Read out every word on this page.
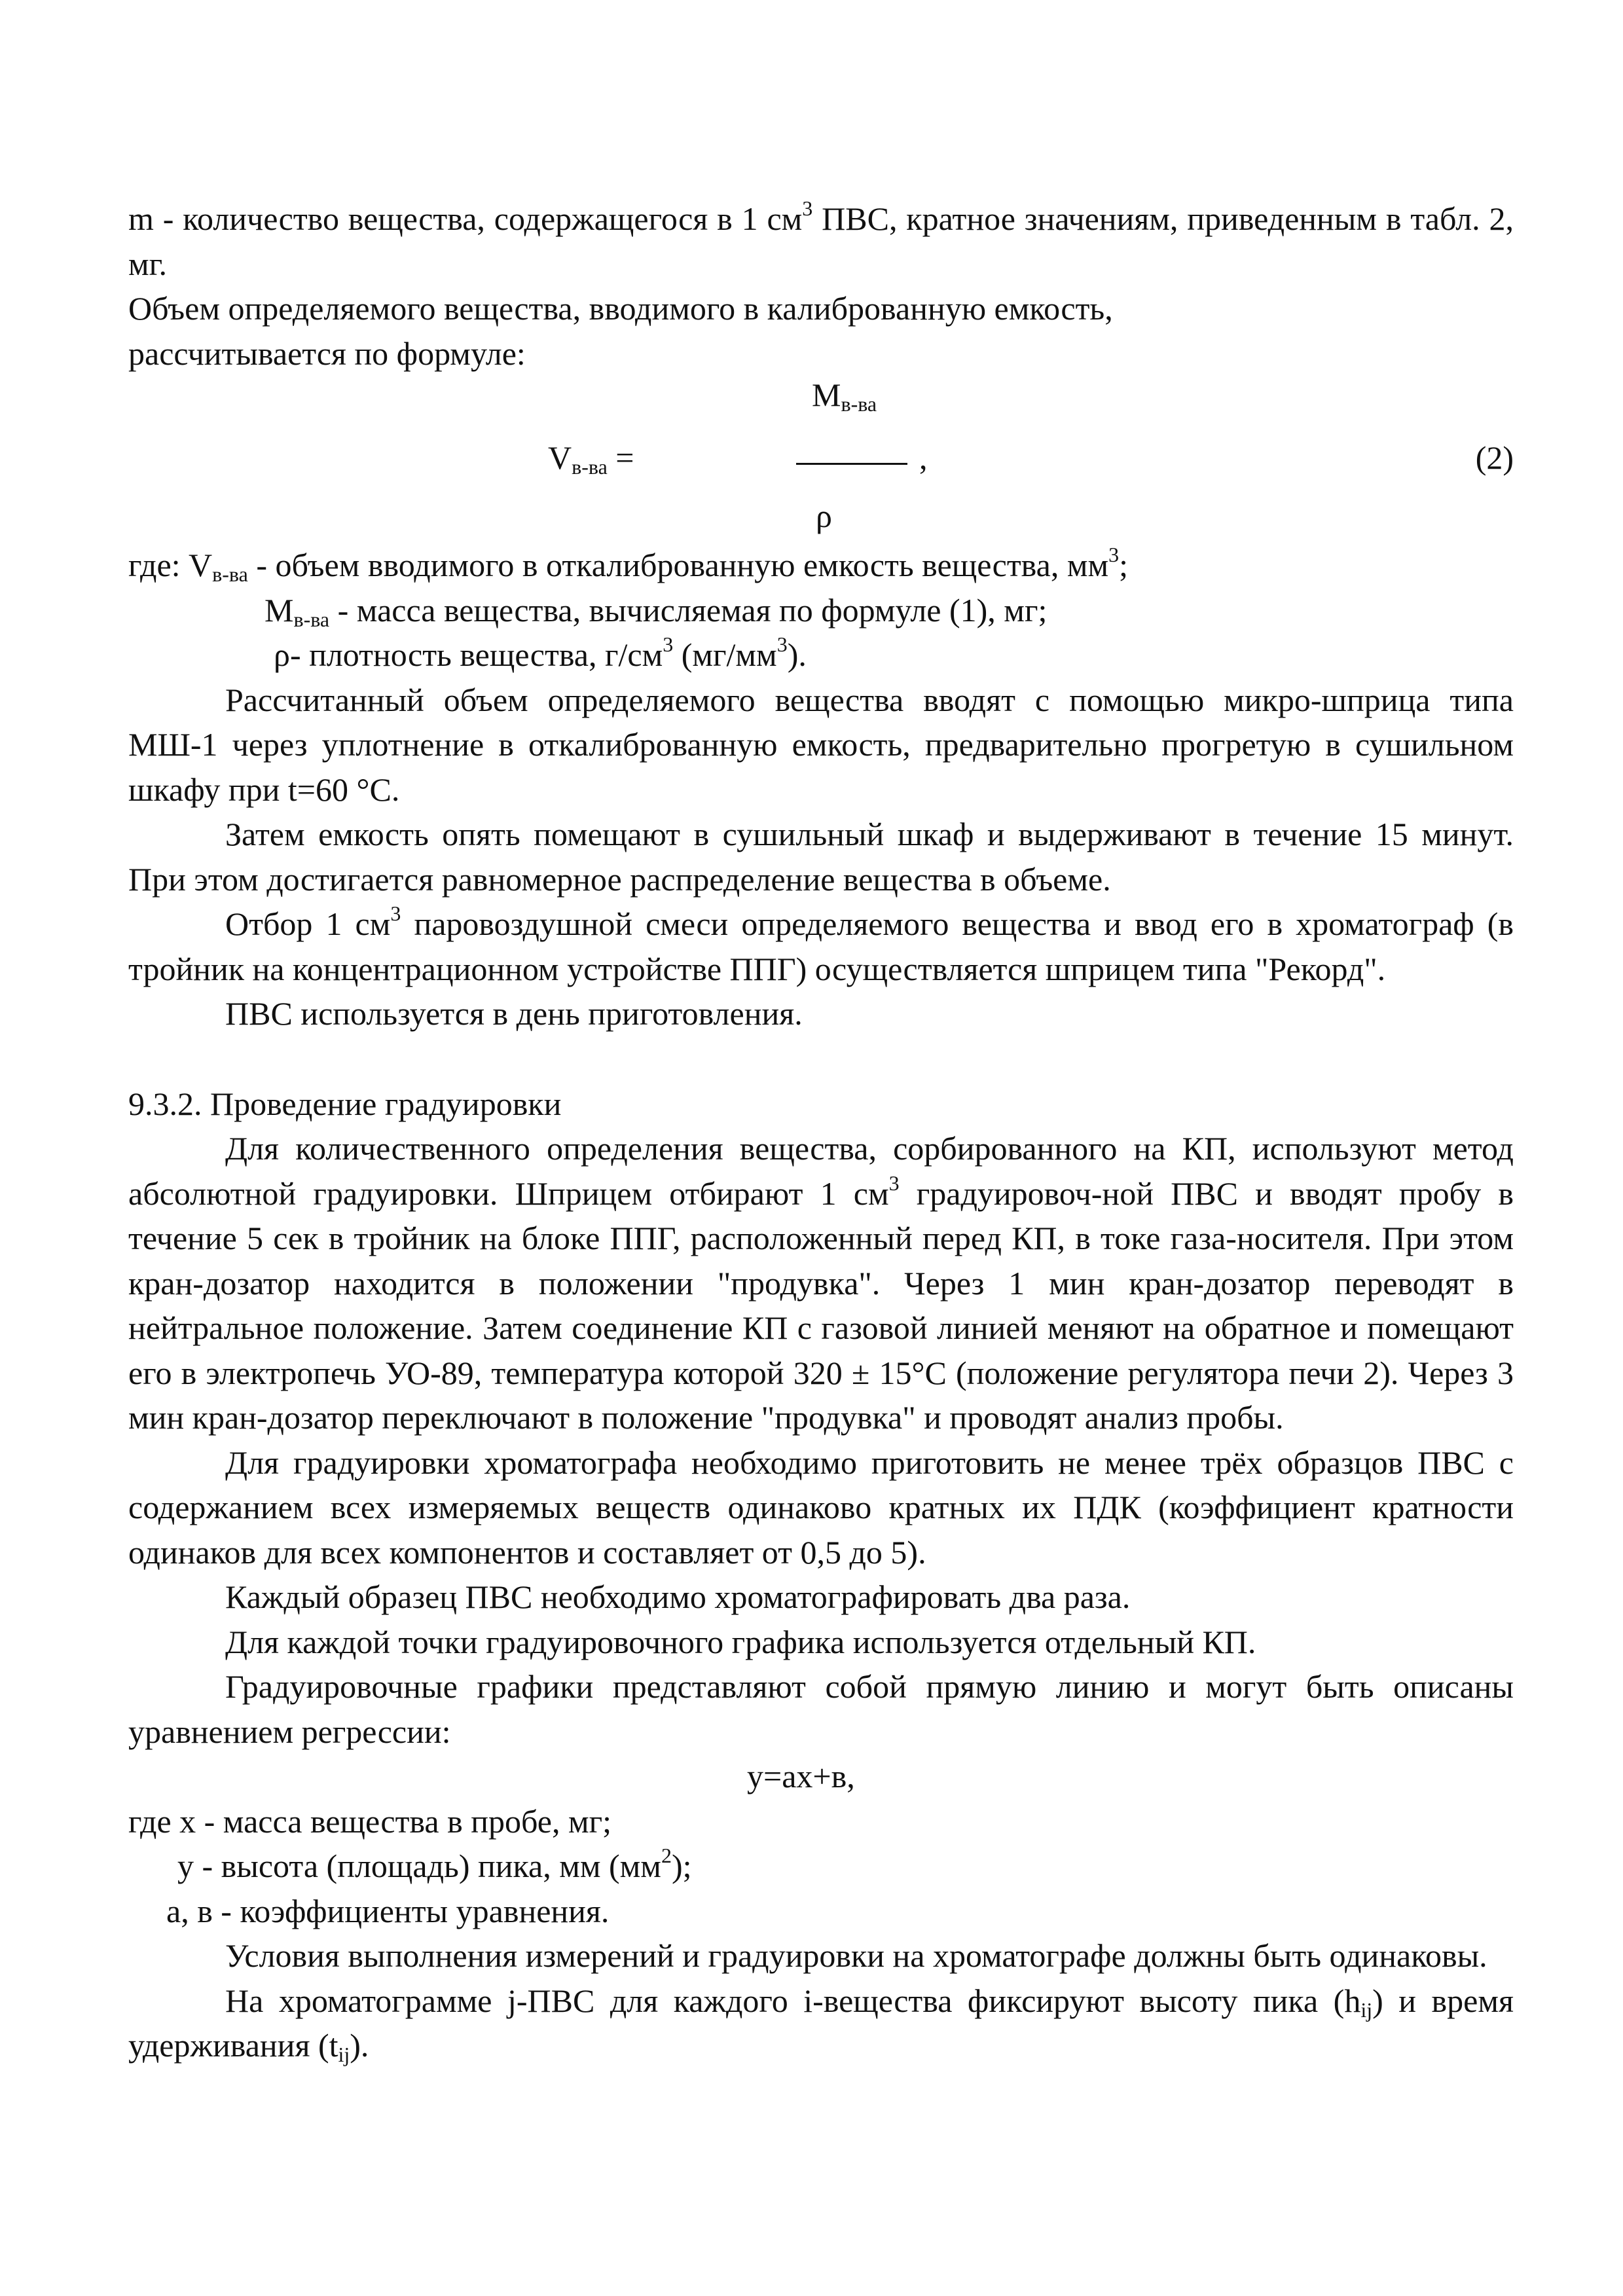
m - количество вещества, содержащегося в 1 $см^3$ ПВС, кратное значениям, приведенным в табл. 2, мг.

Объем определяемого вещества, вводимого в калиброванную емкость,
рассчитывается по формуле:

$M_{в-ва}$
$V_{в-ва}$ =	,	(2)
ρ

где: $V_{в-ва}$ - объем вводимого в откалиброванную емкость вещества, $мм^3$;

$M_{в-ва}$ - масса вещества, вычисляемая по формуле (1), мг;

ρ- плотность вещества, $г/см^3$ $(мг/мм^3)$.

Рассчитанный объем определяемого вещества вводят с помощью микро-шприца типа МШ-1 через уплотнение в откалиброванную емкость, предварительно прогретую в сушильном шкафу при t=60 °С.

Затем емкость опять помещают в сушильный шкаф и выдерживают в течение 15 минут. При этом достигается равномерное распределение вещества в объеме.

Отбор 1 $см^3$ паровоздушной смеси определяемого вещества и ввод его в хроматограф (в тройник на концентрационном устройстве ППГ) осуществляется шприцем типа "Рекорд".

ПВС используется в день приготовления.

9.3.2. Проведение градуировки

Для количественного определения вещества, сорбированного на КП, используют метод абсолютной градуировки. Шприцем отбирают 1 $см^3$ градуировоч-ной ПВС и вводят пробу в течение 5 сек в тройник на блоке ППГ, расположенный перед КП, в токе газа-носителя. При этом кран-дозатор находится в положении "продувка". Через 1 мин кран-дозатор переводят в нейтральное положение. Затем соединение КП с газовой линией меняют на обратное и помещают его в электропечь УО-89, температура которой 320 ± 15°С (положение регулятора печи 2). Через 3 мин кран-дозатор переключают в положение "продувка" и проводят анализ пробы.

Для градуировки хроматографа необходимо приготовить не менее трёх образцов ПВС с содержанием всех измеряемых веществ одинаково кратных их ПДК (коэффициент кратности одинаков для всех компонентов и составляет от 0,5 до 5).

Каждый образец ПВС необходимо хроматографировать два раза.

Для каждой точки градуировочного графика используется отдельный КП.

Градуировочные графики представляют собой прямую линию и могут быть описаны уравнением регрессии:

y=ax+в,

где x - масса вещества в пробе, мг;

y - высота (площадь) пика, мм $(мм^2)$;

a, в - коэффициенты уравнения.

Условия выполнения измерений и градуировки на хроматографе должны быть одинаковы.

На хроматограмме j-ПВС для каждого i-вещества фиксируют высоту пика $(h_{ij})$ и время удерживания $(t_{ij})$.
